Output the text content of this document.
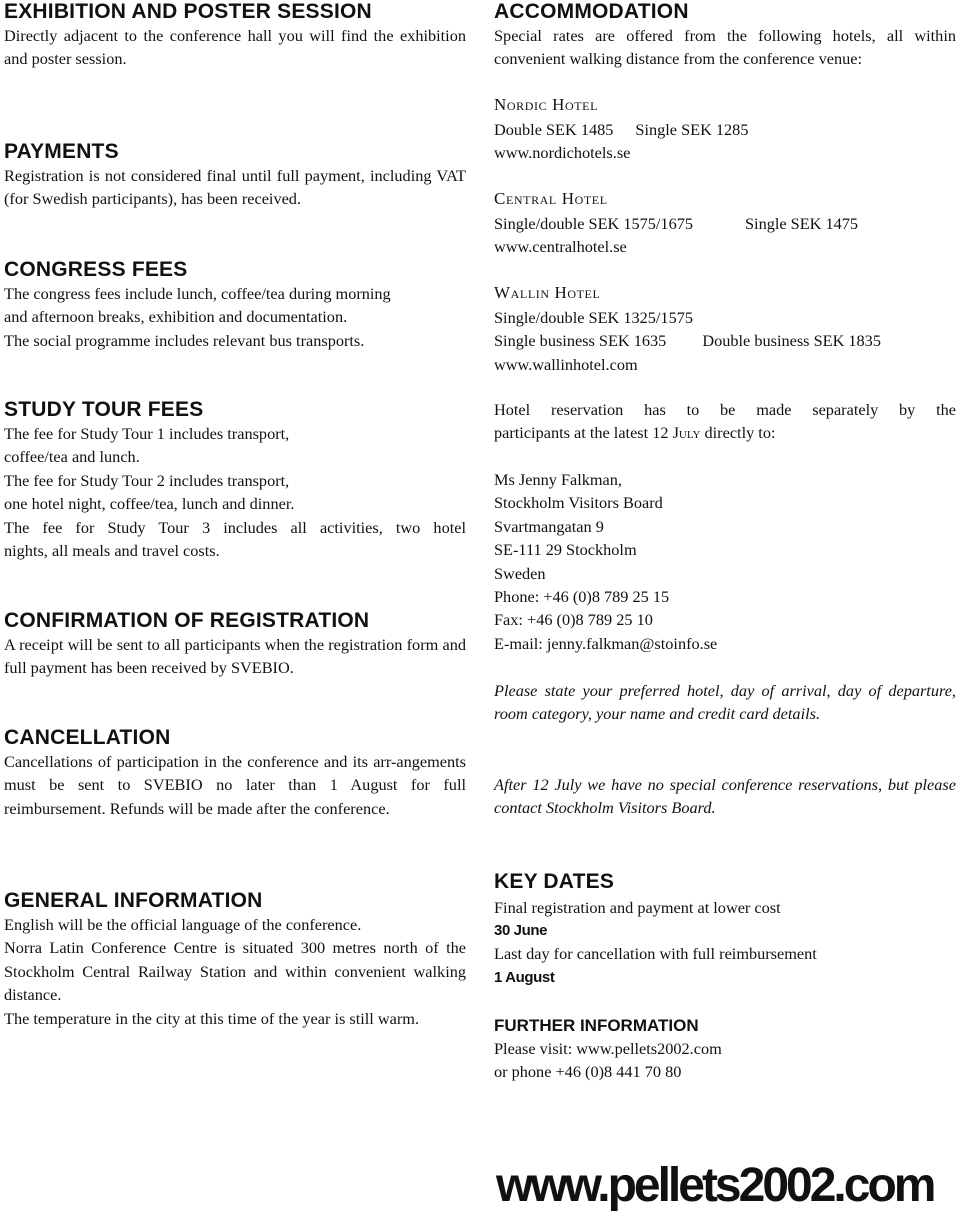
EXHIBITION AND POSTER SESSION

Directly adjacent to the conference hall you will find the exhibition and poster session.

PAYMENTS

Registration is not considered final until full payment, including VAT (for Swedish participants), has been received.

CONGRESS FEES
The congress fees include lunch, coffee/tea during morning
and afternoon breaks, exhibition and documentation.
The social programme includes relevant bus transports.
STUDY TOUR FEES
The fee for Study Tour 1 includes transport,
coffee/tea and lunch.
The fee for Study Tour 2 includes transport,
one hotel night, coffee/tea, lunch and dinner.
The fee for Study Tour 3 includes all activities, two hotel
nights, all meals and travel costs.
CONFIRMATION OF REGISTRATION

A receipt will be sent to all participants when the registration form and full payment has been received by SVEBIO.

CANCELLATION

Cancellations of participation in the conference and its arr-angements must be sent to SVEBIO no later than 1 August for full reimbursement. Refunds will be made after the conference.

GENERAL INFORMATION

English will be the official language of the conference.

Norra Latin Conference Centre is situated 300 metres north of the Stockholm Central Railway Station and within convenient walking distance.

The temperature in the city at this time of the year is still warm.

ACCOMMODATION

Special rates are offered from the following hotels, all within convenient walking distance from the conference venue:

Nordic Hotel
Double SEK 1485 Single SEK 1285
www.nordichotels.se
Central Hotel
Single/double SEK 1575/1675	Single SEK 1475
www.centralhotel.se
Wallin Hotel
Single/double SEK 1325/1575
Single business SEK 1635 Double business SEK 1835
www.wallinhotel.com
Hotel reservation has to be made separately by the
participants at the latest 12 July directly to:
Ms Jenny Falkman,
Stockholm Visitors Board
Svartmangatan 9
SE-111 29 Stockholm
Sweden
Phone: +46 (0)8 789 25 15
Fax: +46 (0)8 789 25 10
E-mail: jenny.falkman@stoinfo.se

Please state your preferred hotel, day of arrival, day of departure, room category, your name and credit card details.

After 12 July we have no special conference reservations, but please contact Stockholm Visitors Board.

KEY DATES
Final registration and payment at lower cost
30 June
Last day for cancellation with full reimbursement
1 August
FURTHER INFORMATION
Please visit: www.pellets2002.com
or phone +46 (0)8 441 70 80
www.pellets2002.com
